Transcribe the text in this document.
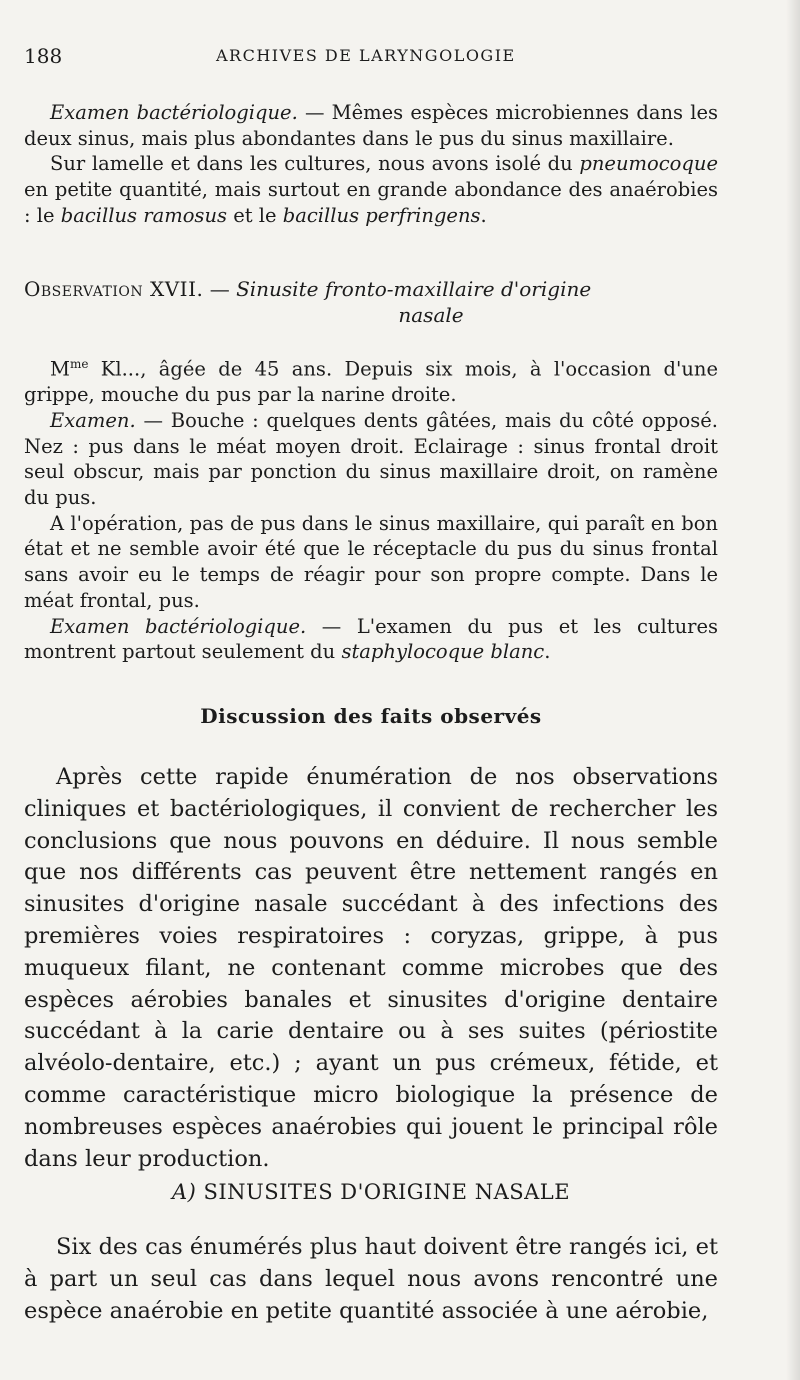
188	ARCHIVES DE LARYNGOLOGIE

Examen bactériologique. — Mêmes espèces microbiennes dans les deux sinus, mais plus abondantes dans le pus du sinus maxillaire.

Sur lamelle et dans les cultures, nous avons isolé du pneumocoque en petite quantité, mais surtout en grande abondance des anaérobies : le bacillus ramosus et le bacillus perfringens.

Observation XVII. — Sinusite fronto-maxillaire d'origine
nasale

$M^{me}$ Kl..., âgée de 45 ans. Depuis six mois, à l'occasion d'une grippe, mouche du pus par la narine droite.

Examen. — Bouche : quelques dents gâtées, mais du côté opposé. Nez : pus dans le méat moyen droit. Eclairage : sinus frontal droit seul obscur, mais par ponction du sinus maxillaire droit, on ramène du pus.

A l'opération, pas de pus dans le sinus maxillaire, qui paraît en bon état et ne semble avoir été que le réceptacle du pus du sinus frontal sans avoir eu le temps de réagir pour son propre compte. Dans le méat frontal, pus.

Examen bactériologique. — L'examen du pus et les cultures montrent partout seulement du staphylocoque blanc.

Discussion des faits observés

Après cette rapide énumération de nos observations cliniques et bactériologiques, il convient de rechercher les conclusions que nous pouvons en déduire. Il nous semble que nos différents cas peuvent être nettement rangés en sinusites d'origine nasale succédant à des infections des premières voies respiratoires : coryzas, grippe, à pus muqueux filant, ne contenant comme microbes que des espèces aérobies banales et sinusites d'origine dentaire succédant à la carie dentaire ou à ses suites (périostite alvéolo-dentaire, etc.) ; ayant un pus crémeux, fétide, et comme caractéristique micro biologique la présence de nombreuses espèces anaérobies qui jouent le principal rôle dans leur production.

A) SINUSITES D'ORIGINE NASALE

Six des cas énumérés plus haut doivent être rangés ici, et à part un seul cas dans lequel nous avons rencontré une espèce anaérobie en petite quantité associée à une aérobie,
